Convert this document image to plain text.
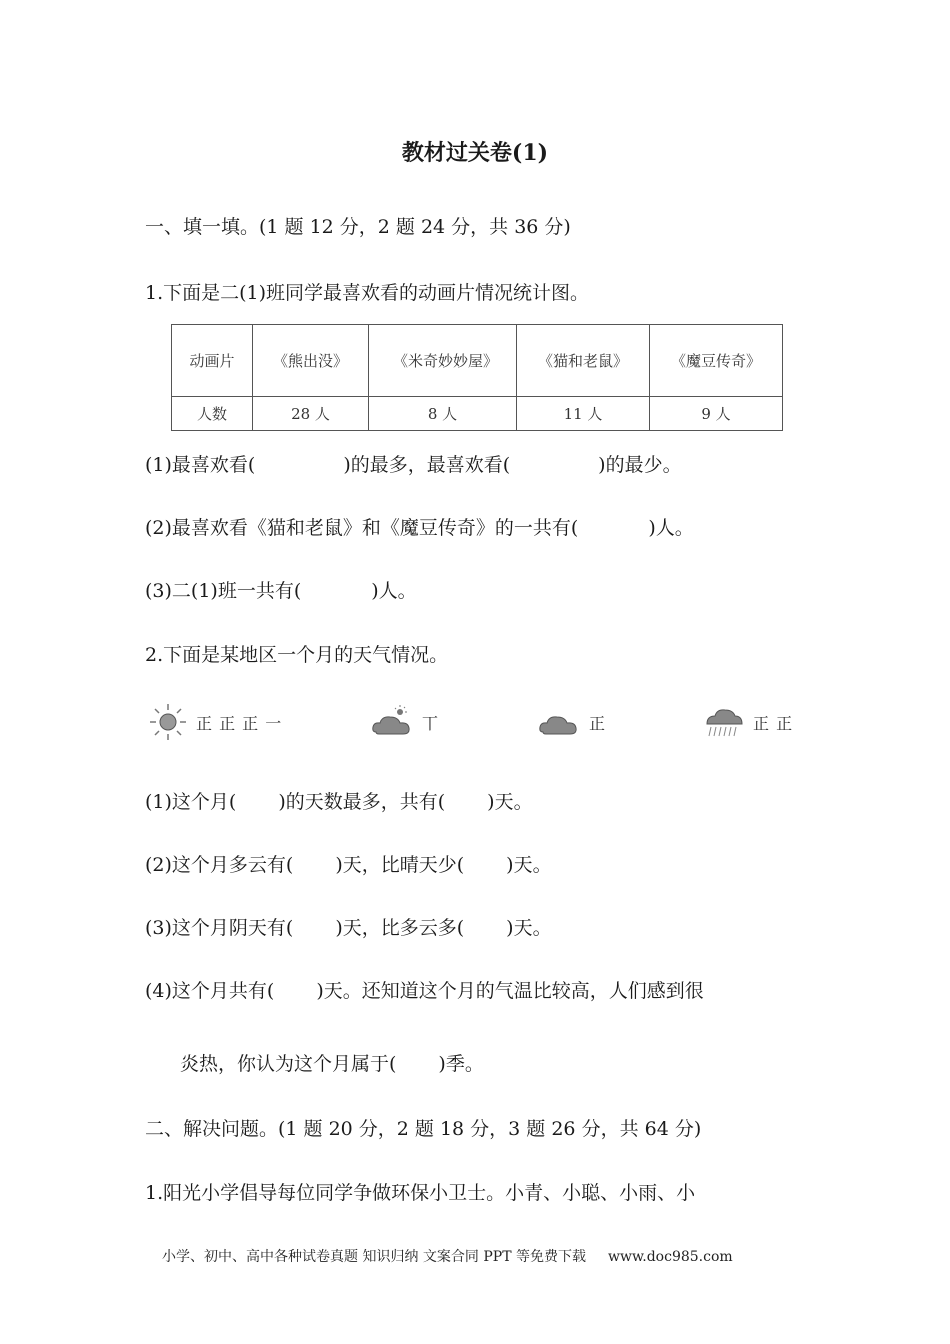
教材过关卷(1)
一、填一填。(1 题 12 分，2 题 24 分，共 36 分)
1.下面是二(1)班同学最喜欢看的动画片情况统计图。
动画片	《熊出没》	《米奇妙妙屋》	《猫和老鼠》	《魔豆传奇》
人数	28 人	8 人	11 人	9 人
(1)最喜欢看(	)的最多，最喜欢看(	)的最少。
(2)最喜欢看《猫和老鼠》和《魔豆传奇》的一共有(	)人。
(3)二(1)班一共有(	)人。
2.下面是某地区一个月的天气情况。
正 正 正 一	丅	正	正 正
(1)这个月( )的天数最多，共有( )天。
(2)这个月多云有( )天，比晴天少( )天。
(3)这个月阴天有( )天，比多云多( )天。
(4)这个月共有( )天。还知道这个月的气温比较高，人们感到很
炎热，你认为这个月属于( )季。
二、解决问题。(1 题 20 分，2 题 18 分，3 题 26 分，共 64 分)
1.阳光小学倡导每位同学争做环保小卫士。小青、小聪、小雨、小
小学、初中、高中各种试卷真题 知识归纳 文案合同 PPT 等免费下载 www.doc985.com
